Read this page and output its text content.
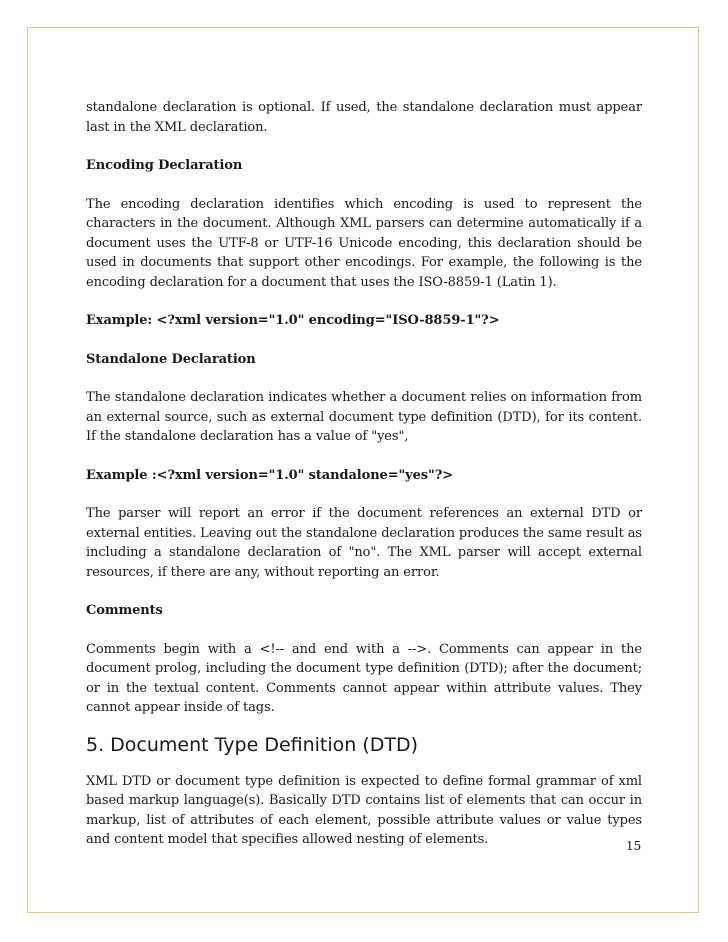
standalone declaration is optional. If used, the standalone declaration must appear last in the XML declaration.

Encoding Declaration

The encoding declaration identifies which encoding is used to represent the characters in the document. Although XML parsers can determine automatically if a document uses the UTF-8 or UTF-16 Unicode encoding, this declaration should be used in documents that support other encodings. For example, the following is the encoding declaration for a document that uses the ISO-8859-1 (Latin 1).

Example: <?xml version="1.0" encoding="ISO-8859-1"?>

Standalone Declaration

The standalone declaration indicates whether a document relies on information from an external source, such as external document type definition (DTD), for its content. If the standalone declaration has a value of "yes",

Example :<?xml version="1.0" standalone="yes"?>

The parser will report an error if the document references an external DTD or external entities. Leaving out the standalone declaration produces the same result as including a standalone declaration of "no". The XML parser will accept external resources, if there are any, without reporting an error.

Comments

Comments begin with a <!-- and end with a -->. Comments can appear in the document prolog, including the document type definition (DTD); after the document; or in the textual content. Comments cannot appear within attribute values. They cannot appear inside of tags.

5. Document Type Definition (DTD)

XML DTD or document type definition is expected to define formal grammar of xml based markup language(s). Basically DTD contains list of elements that can occur in markup, list of attributes of each element, possible attribute values or value types and content model that specifies allowed nesting of elements.	15
